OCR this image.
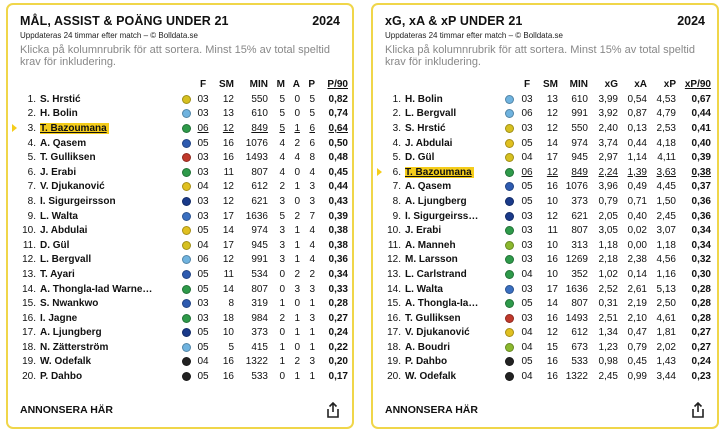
MÅL, ASSIST & POÄNG UNDER 21	2024
Uppdateras 24 timmar efter match – © Bolldata.se
Klicka på kolumnrubrik för att sortera. Minst 15% av total speltid krav för inkludering.
F	SM	MIN M A P	P/90
1. S. Hrstić	03	12	550	5 0 5	0,82
2. H. Bolin	03	13	610	5 0 5	0,74
3. T. Bazoumana	06	12	849	5 1 6	0,64
4. A. Qasem	05	16	1076	4 2 6	0,50
5. T. Gulliksen	03	16	1493	4 4 8	0,48
6. J. Erabi	03	11	807	4 0 4	0,45
7. V. Djukanović	04	12	612	2 1 3	0,44
8. Í. Sigurgeirsson	03	12	621	3 0 3	0,43
9. L. Walta	03	17	1636	5 2 7	0,39
10. J. Abdulai	05	14	974	3 1 4	0,38
11. D. Gül	04	17	945	3 1 4	0,38
12. L. Bergvall	06	12	991	3 1 4	0,36
13. T. Ayari	05	11	534	0 2 2	0,34
14. A. Thongla-Iad Warne…	05	14	807	0 3 3	0,33
15. S. Nwankwo	03	8	319	1 0 1	0,28
16. I. Jagne	03	18	984	2 1 3	0,27
17. A. Ljungberg	05	10	373	0 1 1	0,24
18. N. Zätterström	05	5	415	1 0 1	0,22
19. W. Odefalk	04	16	1322	1 2 3	0,20
20. P. Dahbo	05	16	533	0 1 1	0,17
ANNONSERA HÄR
xG, xA & xP UNDER 21	2024
Uppdateras 24 timmar efter match – © Bolldata.se
Klicka på kolumnrubrik för att sortera. Minst 15% av total speltid krav för inkludering.
F	SM	MIN	xG	xA	xP xP/90
1. H. Bolin	03	13	610	3,99 0,54 4,53	0,67
2. L. Bergvall	06	12	991	3,92 0,87 4,79	0,44
3. S. Hrstić	03	12	550	2,40 0,13 2,53	0,41
4. J. Abdulai	05	14	974	3,74 0,44 4,18	0,40
5. D. Gül	04	17	945	2,97 1,14	4,11	0,39
6. T. Bazoumana	06	12	849	2,24 1,39 3,63	0,38
7. A. Qasem	05	16 1076	3,96 0,49 4,45	0,37
8. A. Ljungberg	05	10	373	0,79 0,71 1,50	0,36
9. Í. Sigurgeirss…	03	12	621	2,05 0,40 2,45	0,36
10. J. Erabi	03	11	807	3,05 0,02 3,07	0,34
11. A. Manneh	03	10	313	1,18 0,00 1,18	0,34
12. M. Larsson	03	16 1269	2,18 2,38 4,56	0,32
13. L. Carlstrand	04	10	352	1,02 0,14 1,16	0,30
14. L. Walta	03	17 1636	2,52 2,61 5,13	0,28
15. A. Thongla-Ia…	05	14	807	0,31 2,19 2,50	0,28
16. T. Gulliksen	03	16 1493	2,51 2,10 4,61	0,28
17. V. Djukanović	04	12	612	1,34 0,47 1,81	0,27
18. A. Boudri	04	15	673	1,23 0,79 2,02	0,27
19. P. Dahbo	05	16	533	0,98 0,45 1,43	0,24
20. W. Odefalk	04	16 1322	2,45 0,99 3,44	0,23
ANNONSERA HÄR
